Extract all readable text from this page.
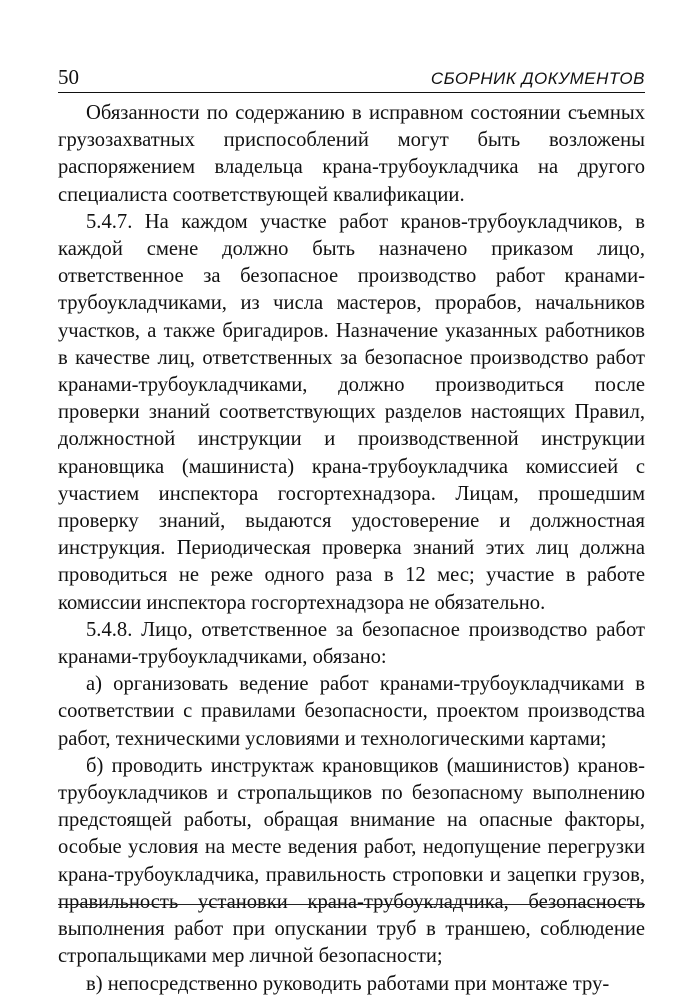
50	СБОРНИК ДОКУМЕНТОВ

Обязанности по содержанию в исправном состоянии съемных грузозахватных приспособлений могут быть возложены распоряжением владельца крана-трубоукладчика на другого специалиста соответствующей квалификации.

5.4.7. На каждом участке работ кранов-трубоукладчиков, в каждой смене должно быть назначено приказом лицо, ответственное за безопасное производство работ кранами-трубоукладчиками, из числа мастеров, прорабов, начальников участков, а также бригадиров. Назначение указанных работников в качестве лиц, ответственных за безопасное производство работ кранами-трубоукладчиками, должно производиться после проверки знаний соответствующих разделов настоящих Правил, должностной инструкции и производственной инструкции крановщика (машиниста) крана-трубоукладчика комиссией с участием инспектора госгортехнадзора. Лицам, прошедшим проверку знаний, выдаются удостоверение и должностная инструкция. Периодическая проверка знаний этих лиц должна проводиться не реже одного раза в 12 мес; участие в работе комиссии инспектора госгортехнадзора не обязательно.

5.4.8. Лицо, ответственное за безопасное производство работ кранами-трубоукладчиками, обязано:

а) организовать ведение работ кранами-трубоукладчиками в соответствии с правилами безопасности, проектом производства работ, техническими условиями и технологическими картами;

б) проводить инструктаж крановщиков (машинистов) кранов-трубоукладчиков и стропальщиков по безопасному выполнению предстоящей работы, обращая внимание на опасные факторы, особые условия на месте ведения работ, недопущение перегрузки крана-трубоукладчика, правильность строповки и зацепки грузов, правильность установки крана-трубоукладчика, безопасность выполнения работ при опускании труб в траншею, соблюдение стропальщиками мер личной безопасности;

в) непосредственно руководить работами при монтаже тру-
